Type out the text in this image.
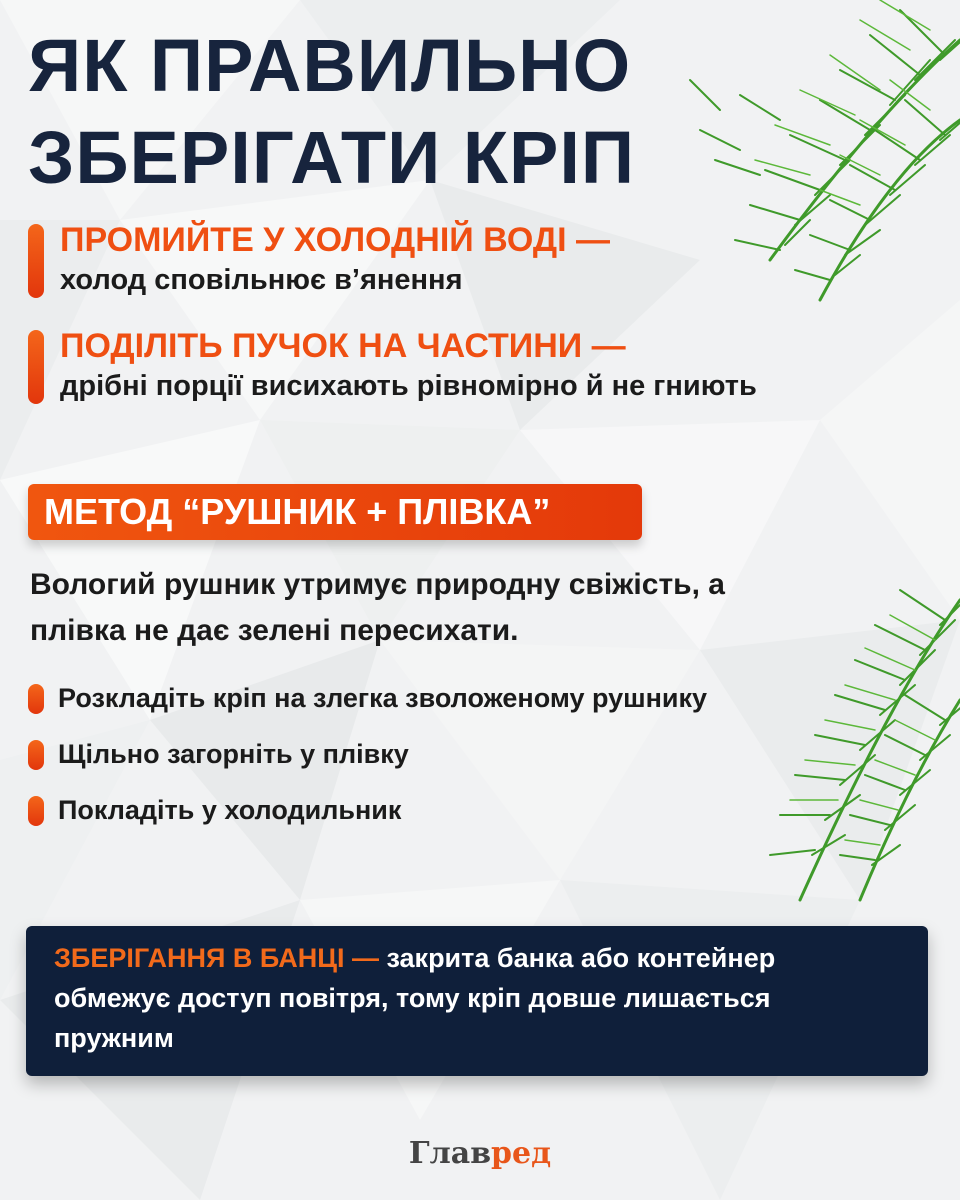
ЯК ПРАВИЛЬНО
ЗБЕРІГАТИ КРІП
ПРОМИЙТЕ У ХОЛОДНІЙ ВОДІ —
холод сповільнює в’янення
ПОДІЛІТЬ ПУЧОК НА ЧАСТИНИ —
дрібні порції висихають рівномірно й не гниють
МЕТОД “РУШНИК + ПЛІВКА”
Вологий рушник утримує природну свіжість, а
плівка не дає зелені пересихати.
Розкладіть кріп на злегка зволоженому рушнику
Щільно загорніть у плівку
Покладіть у холодильник
ЗБЕРІГАННЯ В БАНЦІ — закрита банка або контейнер
обмежує доступ повітря, тому кріп довше лишається
пружним
Главред
